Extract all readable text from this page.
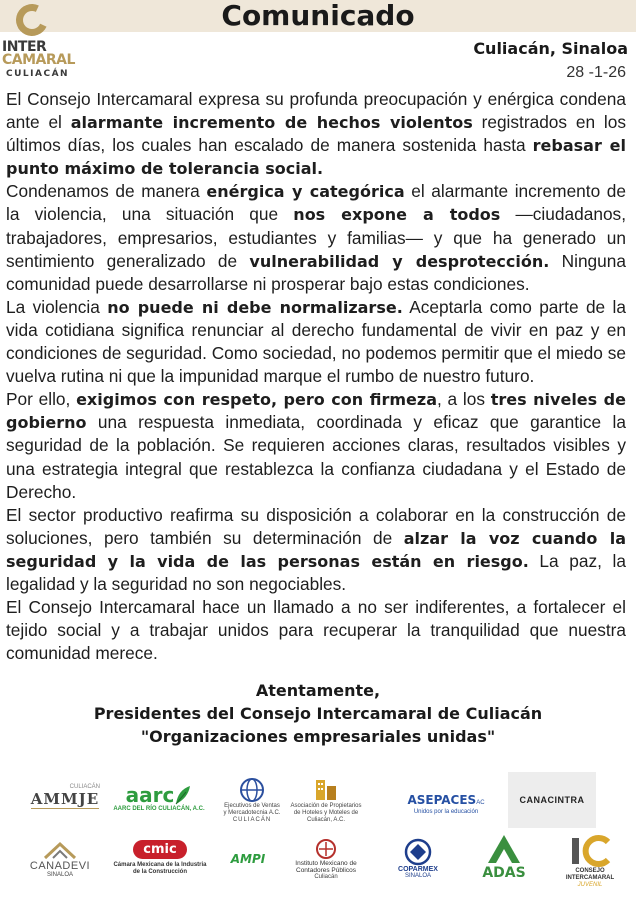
INTER
CAMARAL
CULIACÁN
Comunicado
Culiacán, Sinaloa
28 -1-26

El Consejo Intercamaral expresa su profunda preocupación y enérgica condena ante el alarmante incremento de hechos violentos registrados en los últimos días, los cuales han escalado de manera sostenida hasta rebasar el punto máximo de tolerancia social.

Condenamos de manera enérgica y categórica el alarmante incremento de la violencia, una situación que nos expone a todos —ciudadanos, trabajadores, empresarios, estudiantes y familias— y que ha generado un sentimiento generalizado de vulnerabilidad y desprotección. Ninguna comunidad puede desarrollarse ni prosperar bajo estas condiciones.

La violencia no puede ni debe normalizarse. Aceptarla como parte de la vida cotidiana significa renunciar al derecho fundamental de vivir en paz y en condiciones de seguridad. Como sociedad, no podemos permitir que el miedo se vuelva rutina ni que la impunidad marque el rumbo de nuestro futuro.

Por ello, exigimos con respeto, pero con firmeza, a los tres niveles de gobierno una respuesta inmediata, coordinada y eficaz que garantice la seguridad de la población. Se requieren acciones claras, resultados visibles y una estrategia integral que restablezca la confianza ciudadana y el Estado de Derecho.

El sector productivo reafirma su disposición a colaborar en la construcción de soluciones, pero también su determinación de alzar la voz cuando la seguridad y la vida de las personas están en riesgo. La paz, la legalidad y la seguridad no son negociables.

El Consejo Intercamaral hace un llamado a no ser indiferentes, a fortalecer el tejido social y a trabajar unidos para recuperar la tranquilidad que nuestra comunidad merece.

Atentamente,
Presidentes del Consejo Intercamaral de Culiacán
"Organizaciones empresariales unidas"
CULIACÁN
AMMJE aarc
AARC DEL RÍO CULIACÁN, A.C.	Ejecutivos de Ventas y Mercadotecnia A.C.
CULIACÁN
Asociación de Propietarios de Hoteles y Moteles de Culiacán, A.C.
ASEPACESAC
Unidos por la educación
CANACINTRA
CANADEVI
SINALOA
cmic
Cámara Mexicana de la Industria de la Construcción
AMPI	Instituto Mexicano de Contadores Públicos
Culiacán
COPARMEX
SINALOA	ADAS	CONSEJO INTERCAMARAL
JUVENIL
